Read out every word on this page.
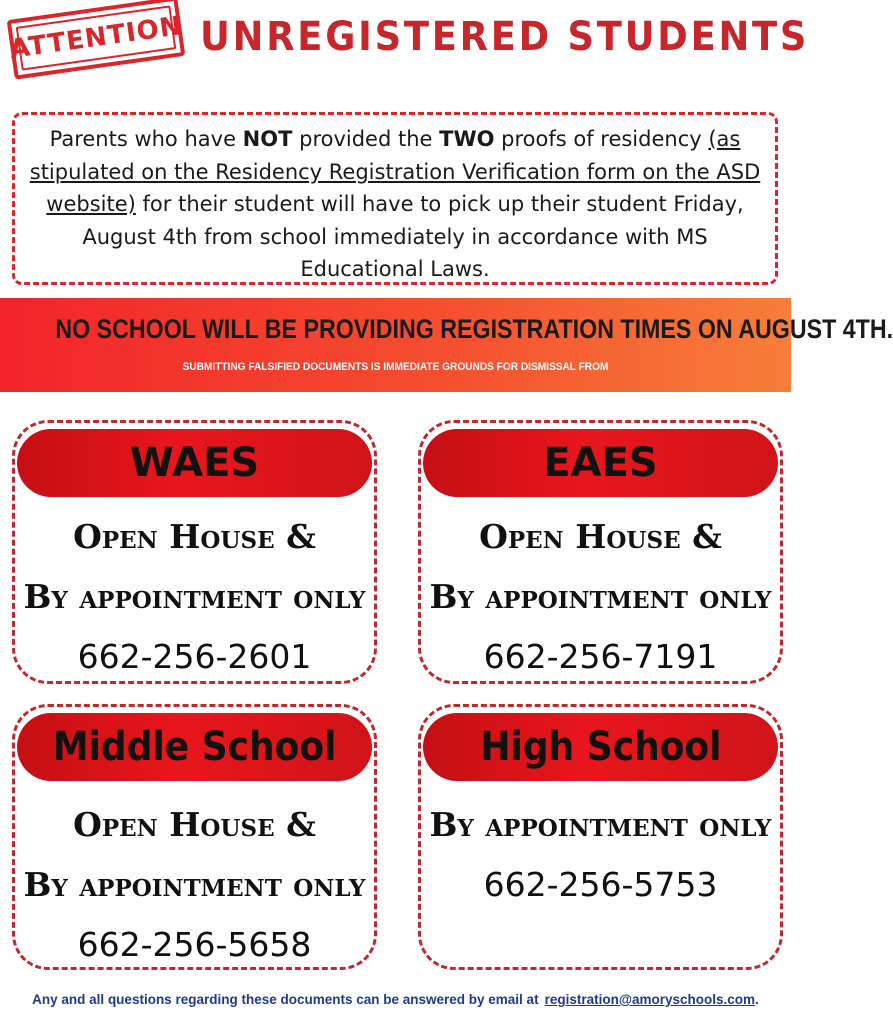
ATTENTION UNREGISTERED STUDENTS
Parents who have NOT provided the TWO proofs of residency (as stipulated on the Residency Registration Verification form on the ASD website) for their student will have to pick up their student Friday, August 4th from school immediately in accordance with MS Educational Laws.
NO SCHOOL WILL BE PROVIDING REGISTRATION TIMES ON AUGUST 4TH.
SUBMITTING FALSIFIED DOCUMENTS IS IMMEDIATE GROUNDS FOR DISMISSAL FROM
WAES
Open House &
By appointment only
662-256-2601
EAES
Open House &
By appointment only
662-256-7191
Middle School
Open House &
By appointment only
662-256-5658
High School
By appointment only
662-256-5753
Any and all questions regarding these documents can be answered by email at registration@amoryschools.com.
